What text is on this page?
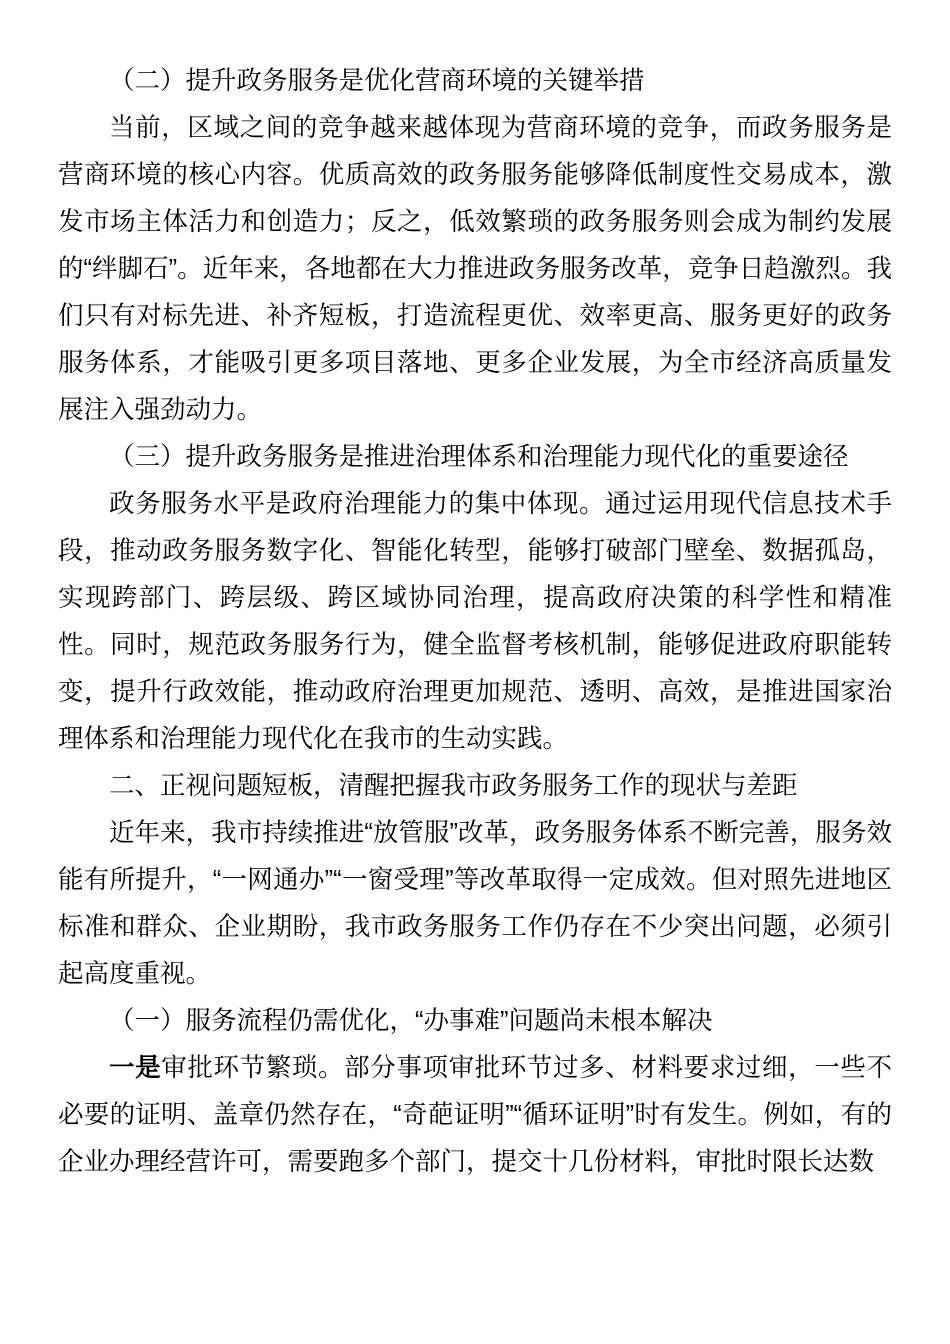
（二）提升政务服务是优化营商环境的关键举措

当前，区域之间的竞争越来越体现为营商环境的竞争，而政务服务是营商环境的核心内容。优质高效的政务服务能够降低制度性交易成本，激发市场主体活力和创造力；反之，低效繁琐的政务服务则会成为制约发展的“绊脚石”。近年来，各地都在大力推进政务服务改革，竞争日趋激烈。我们只有对标先进、补齐短板，打造流程更优、效率更高、服务更好的政务服务体系，才能吸引更多项目落地、更多企业发展，为全市经济高质量发展注入强劲动力。

（三）提升政务服务是推进治理体系和治理能力现代化的重要途径

政务服务水平是政府治理能力的集中体现。通过运用现代信息技术手段，推动政务服务数字化、智能化转型，能够打破部门壁垒、数据孤岛，实现跨部门、跨层级、跨区域协同治理，提高政府决策的科学性和精准性。同时，规范政务服务行为，健全监督考核机制，能够促进政府职能转变，提升行政效能，推动政府治理更加规范、透明、高效，是推进国家治理体系和治理能力现代化在我市的生动实践。

二、正视问题短板，清醒把握我市政务服务工作的现状与差距

近年来，我市持续推进“放管服”改革，政务服务体系不断完善，服务效能有所提升，“一网通办”“一窗受理”等改革取得一定成效。但对照先进地区标准和群众、企业期盼，我市政务服务工作仍存在不少突出问题，必须引起高度重视。

（一）服务流程仍需优化，“办事难”问题尚未根本解决

一是审批环节繁琐。部分事项审批环节过多、材料要求过细，一些不必要的证明、盖章仍然存在，“奇葩证明”“循环证明”时有发生。例如，有的企业办理经营许可，需要跑多个部门，提交十几份材料，审批时限长达数
